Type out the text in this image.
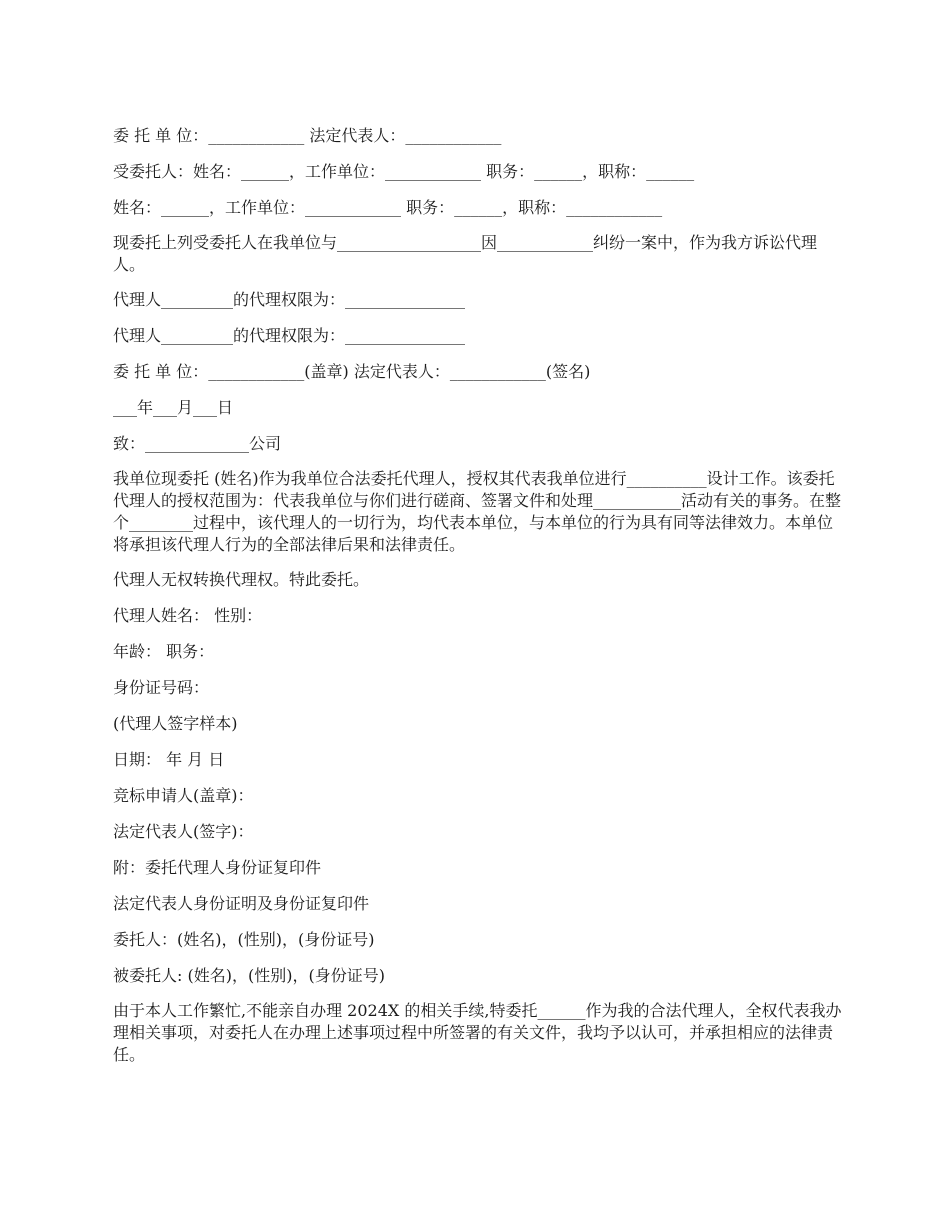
委 托 单 位：____________ 法定代表人：____________

受委托人：姓名：______，工作单位：____________ 职务：______，职称：______

姓名：______，工作单位：____________ 职务：______，职称：____________

现委托上列受委托人在我单位与__________________因____________纠纷一案中，作为我方诉讼代理人。

代理人_________的代理权限为：_______________

代理人_________的代理权限为：_______________

委 托 单 位：____________(盖章) 法定代表人：____________(签名)

___年___月___日

致：_____________公司

我单位现委托 (姓名)作为我单位合法委托代理人，授权其代表我单位进行__________设计工作。该委托代理人的授权范围为：代表我单位与你们进行磋商、签署文件和处理___________活动有关的事务。在整个________过程中，该代理人的一切行为，均代表本单位，与本单位的行为具有同等法律效力。本单位将承担该代理人行为的全部法律后果和法律责任。

代理人无权转换代理权。特此委托。

代理人姓名： 性别：

年龄： 职务：

身份证号码：

(代理人签字样本)

日期： 年 月 日

竞标申请人(盖章)：

法定代表人(签字)：

附：委托代理人身份证复印件

法定代表人身份证明及身份证复印件

委托人：(姓名)，(性别)，(身份证号)

被委托人: (姓名)，(性别)，(身份证号)

由于本人工作繁忙,不能亲自办理 2024X 的相关手续,特委托______作为我的合法代理人，全权代表我办理相关事项，对委托人在办理上述事项过程中所签署的有关文件，我均予以认可，并承担相应的法律责任。
